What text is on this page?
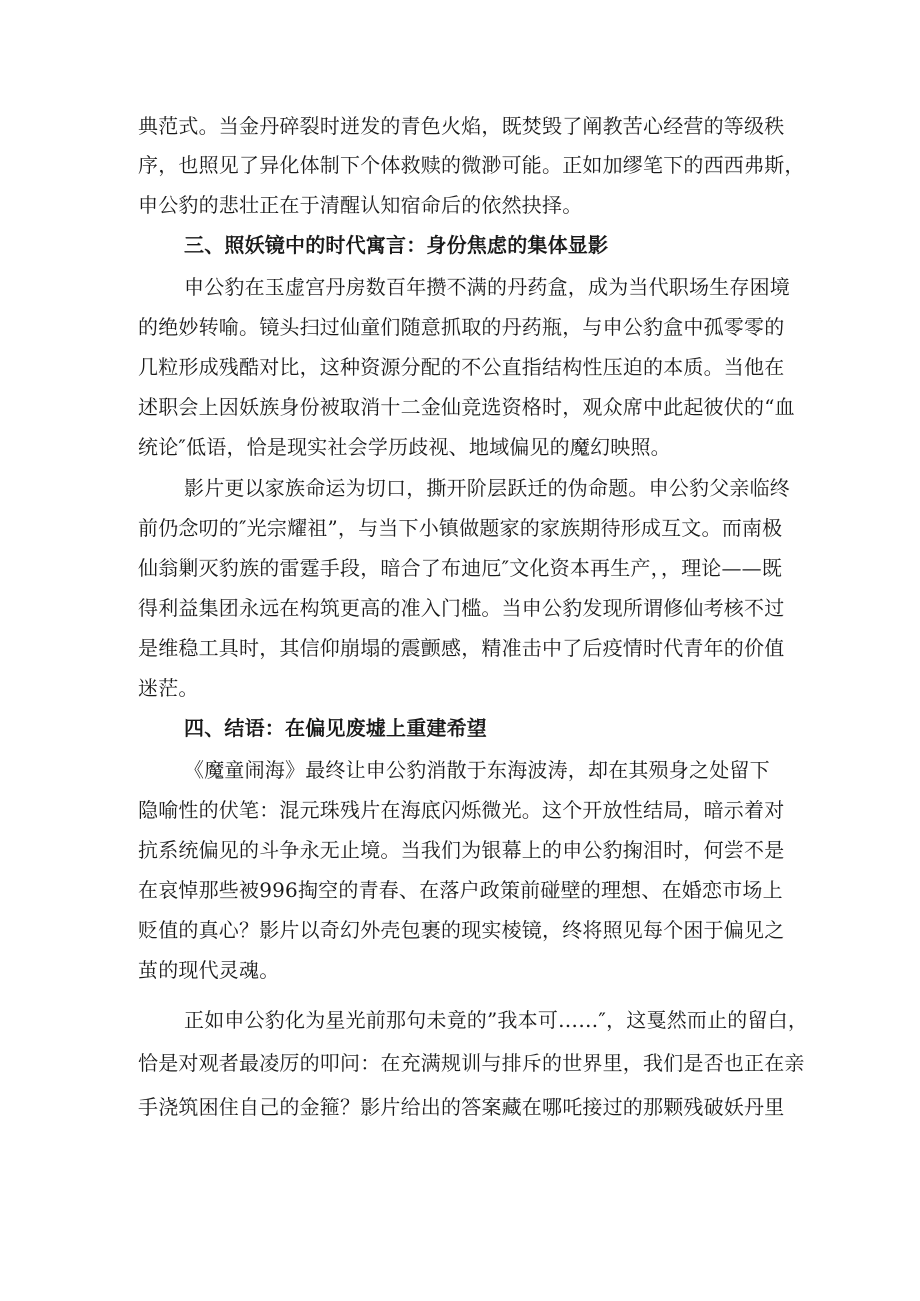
典范式。当金丹碎裂时迸发的青色火焰，既焚毁了阐教苦心经营的等级秩
序，也照见了异化体制下个体救赎的微渺可能。正如加缪笔下的西西弗斯，
申公豹的悲壮正在于清醒认知宿命后的依然抉择。
三、照妖镜中的时代寓言：身份焦虑的集体显影
申公豹在玉虚宫丹房数百年攒不满的丹药盒，成为当代职场生存困境
的绝妙转喻。镜头扫过仙童们随意抓取的丹药瓶，与申公豹盒中孤零零的
几粒形成残酷对比，这种资源分配的不公直指结构性压迫的本质。当他在
述职会上因妖族身份被取消十二金仙竞选资格时，观众席中此起彼伏的“血
统论″低语，恰是现实社会学历歧视、地域偏见的魔幻映照。
影片更以家族命运为切口，撕开阶层跃迁的伪命题。申公豹父亲临终
前仍念叨的″光宗耀祖”，与当下小镇做题家的家族期待形成互文。而南极
仙翁剿灭豹族的雷霆手段，暗合了布迪厄″文化资本再生产，，理论——既
得利益集团永远在构筑更高的准入门槛。当申公豹发现所谓修仙考核不过
是维稳工具时，其信仰崩塌的震颤感，精准击中了后疫情时代青年的价值
迷茫。
四、结语：在偏见废墟上重建希望
《魔童闹海》最终让申公豹消散于东海波涛，却在其殒身之处留下
隐喻性的伏笔：混元珠残片在海底闪烁微光。这个开放性结局，暗示着对
抗系统偏见的斗争永无止境。当我们为银幕上的申公豹掬泪时，何尝不是
在哀悼那些被996掏空的青春、在落户政策前碰壁的理想、在婚恋市场上
贬值的真心？影片以奇幻外壳包裹的现实棱镜，终将照见每个困于偏见之
茧的现代灵魂。
正如申公豹化为星光前那句未竟的”我本可……″，这戛然而止的留白，
恰是对观者最凌厉的叩问：在充满规训与排斥的世界里，我们是否也正在亲
手浇筑困住自己的金箍？影片给出的答案藏在哪吒接过的那颗残破妖丹里
